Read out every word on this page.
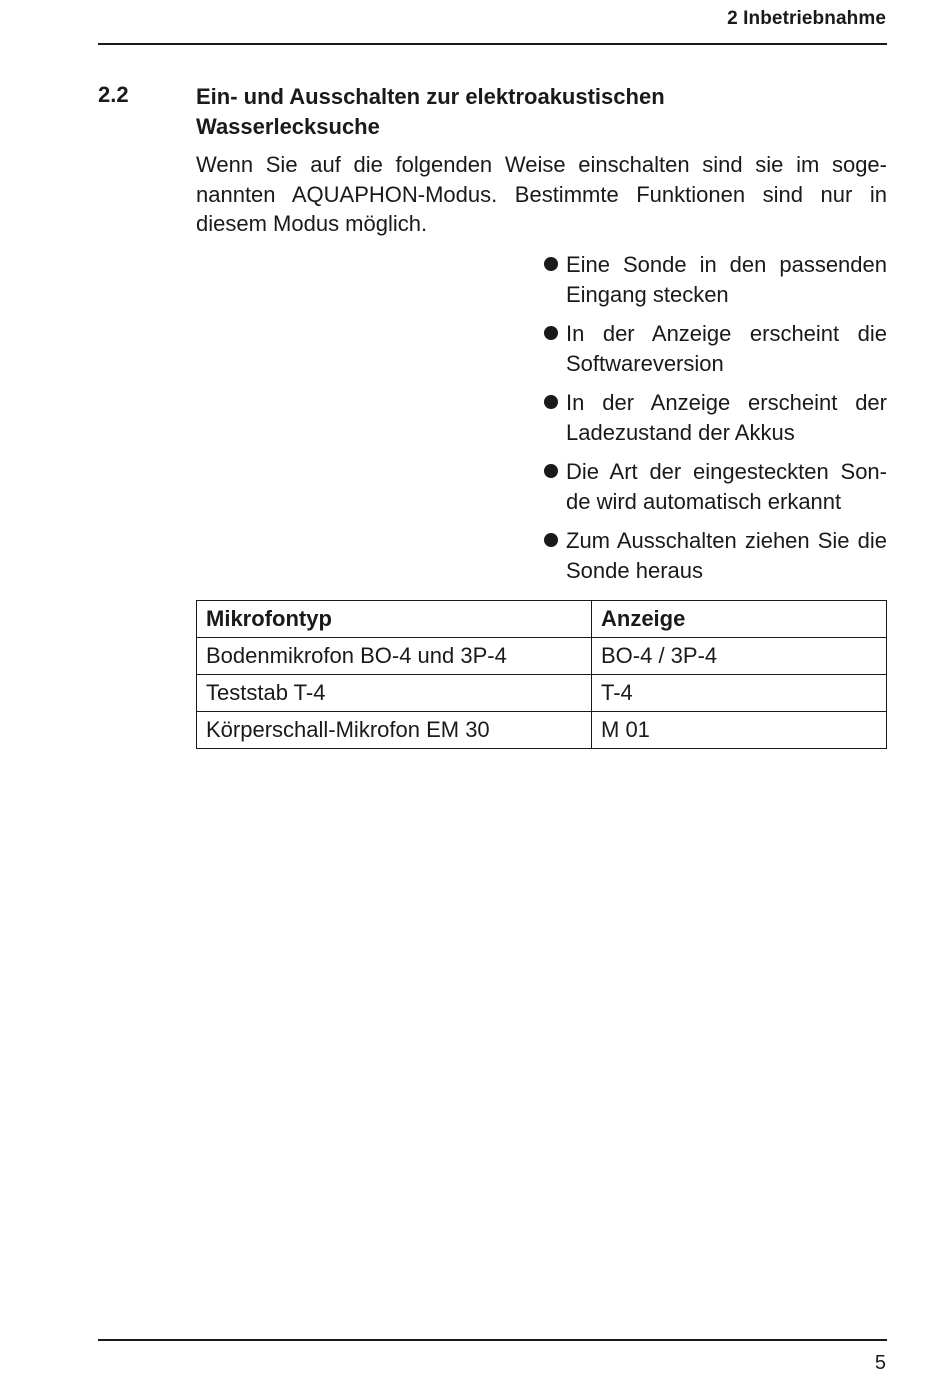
2 Inbetriebnahme
2.2	Ein- und Ausschalten zur elektroakustischen Wasserlecksuche

Wenn Sie auf die folgenden Weise einschalten sind sie im soge-nannten AQUAPHON-Modus. Bestimmte Funktionen sind nur in diesem Modus möglich.

Eine Sonde in den passenden Eingang stecken
In der Anzeige erscheint die Softwareversion
In der Anzeige erscheint der Ladezustand der Akkus
Die Art der eingesteckten Son-de wird automatisch erkannt
Zum Ausschalten ziehen Sie die Sonde heraus
Mikrofontyp	Anzeige
Bodenmikrofon BO-4 und 3P-4	BO-4 / 3P-4
Teststab T-4	T-4
Körperschall-Mikrofon EM 30	M 01
5
